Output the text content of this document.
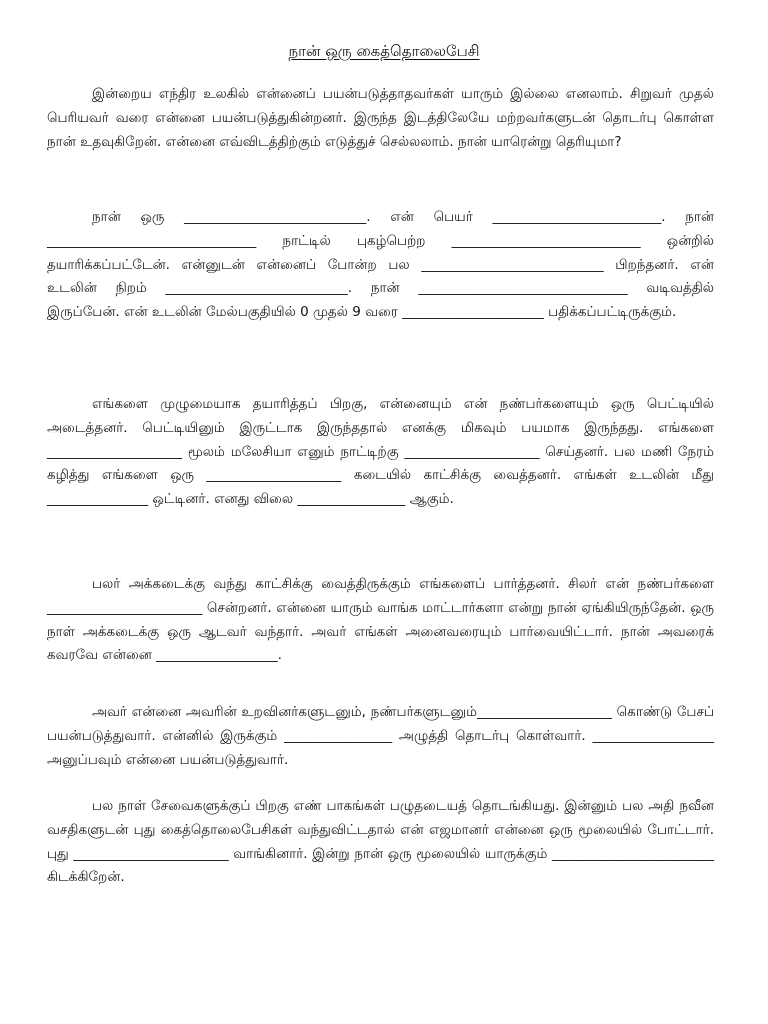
நான் ஒரு கைத்தொலைபேசி

இன்றைய எந்திர உலகில் என்னைப் பயன்படுத்தாதவர்கள் யாரும் இல்லை எனலாம். சிறுவர் முதல் பெரியவர் வரை என்னை பயன்படுத்துகின்றனர். இருந்த இடத்திலேயே மற்றவர்களுடன் தொடர்பு கொள்ள நான் உதவுகிறேன். என்னை எவ்விடத்திற்கும் எடுத்துச் செல்லலாம். நான் யாரென்று தெரியுமா?

நான் ஒரு ___________________________. என் பெயர் _________________________. நான் _______________________________ நாட்டில் புகழ்பெற்ற ____________________________ ஒன்றில் தயாரிக்கப்பட்டேன். என்னுடன் என்னைப் போன்ற பல ___________________________ பிறந்தனர். என் உடலின் நிறம் ___________________________. நான் _______________________________ வடிவத்தில் இருப்பேன். என் உடலின் மேல்பகுதியில் 0 முதல் 9 வரை _____________________ பதிக்கப்பட்டிருக்கும்.

எங்களை முழுமையாக தயாரித்தப் பிறகு, என்னையும் என் நண்பர்களையும் ஒரு பெட்டியில் அடைத்தனர். பெட்டியினும் இருட்டாக இருந்ததால் எனக்கு மிகவும் பயமாக இருந்தது. எங்களை ____________________ மூலம் மலேசியா எனும் நாட்டிற்கு ____________________ செய்தனர். பல மணி நேரம் கழித்து எங்களை ஒரு ____________________ கடையில் காட்சிக்கு வைத்தனர். எங்கள் உடலின் மீது _______________ ஒட்டினர். எனது விலை ________________ ஆகும்.

பலர் அக்கடைக்கு வந்து காட்சிக்கு வைத்திருக்கும் எங்களைப் பார்த்தனர். சிலர் என் நண்பர்களை _______________________ சென்றனர். என்னை யாரும் வாங்க மாட்டார்களா என்று நான் ஏங்கியிருந்தேன். ஒரு நாள் அக்கடைக்கு ஒரு ஆடவர் வந்தார். அவர் எங்கள் அனைவரையும் பார்வையிட்டார். நான் அவரைக் கவரவே என்னை __________________.

அவர் என்னை அவரின் உறவினர்களுடனும், நண்பர்களுடனும்____________________ கொண்டு பேசப் பயன்படுத்துவார். என்னில் இருக்கும் ________________ அழுத்தி தொடர்பு கொள்வார். __________________ அனுப்பவும் என்னை பயன்படுத்துவார்.

பல நாள் சேவைகளுக்குப் பிறகு எண் பாகங்கள் பழுதடையத் தொடங்கியது. இன்னும் பல அதி நவீன வசதிகளுடன் புது கைத்தொலைபேசிகள் வந்துவிட்டதால் என் எஜமானர் என்னை ஒரு மூலையில் போட்டார். புது _______________________ வாங்கினார். இன்று நான் ஒரு மூலையில் யாருக்கும் ________________________ கிடக்கிறேன்.
